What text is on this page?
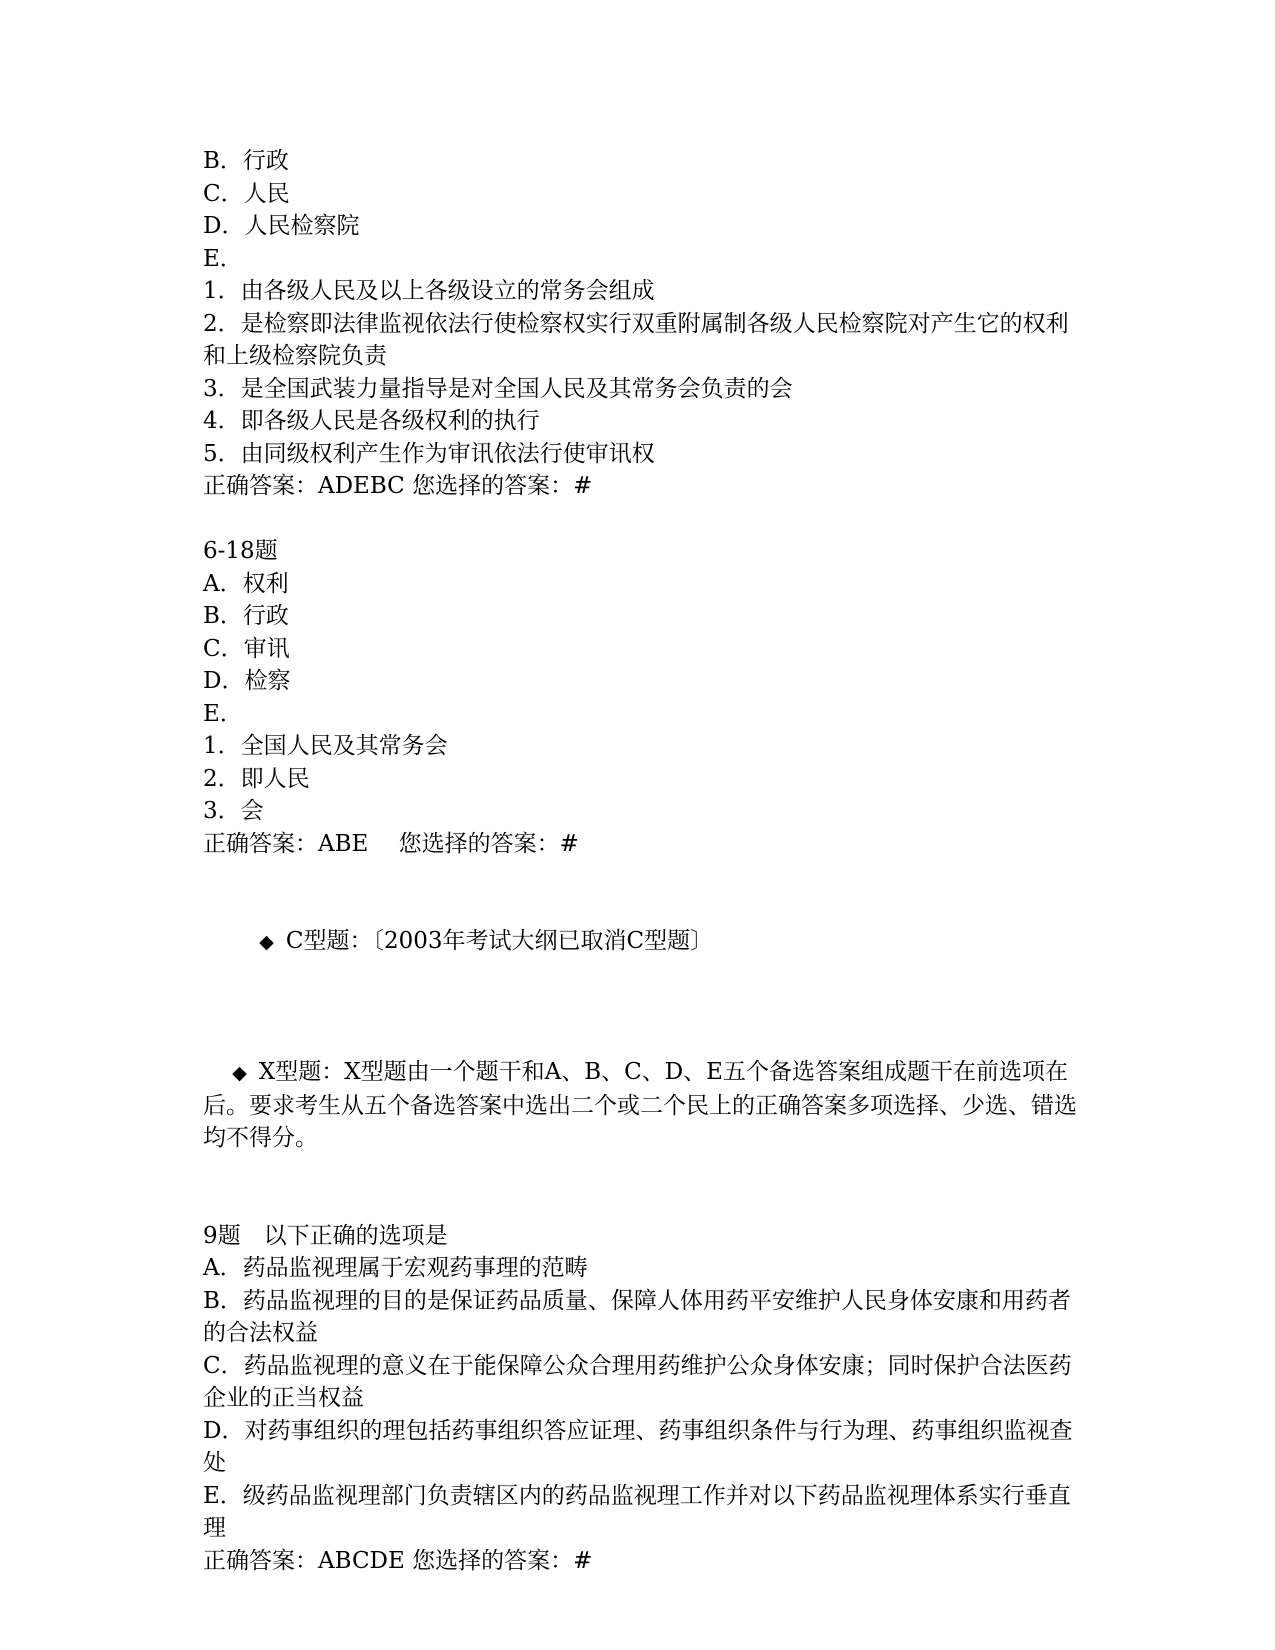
B．行政

C．人民

D．人民检察院

E．

1．由各级人民及以上各级设立的常务会组成

2．是检察即法律监视依法行使检察权实行双重附属制各级人民检察院对产生它的权利和上级检察院负责

3．是全国武装力量指导是对全国人民及其常务会负责的会

4．即各级人民是各级权利的执行

5．由同级权利产生作为审讯依法行使审讯权

正确答案：ADEBC 您选择的答案：#

6-18题

A．权利

B．行政

C．审讯

D．检察

E．

1．全国人民及其常务会

2．即人民

3．会

正确答案：ABE　 您选择的答案：#

◆ C型题：〔2003年考试大纲已取消C型题〕

◆ X型题：X型题由一个题干和A、B、C、D、E五个备选答案组成题干在前选项在后。要求考生从五个备选答案中选出二个或二个民上的正确答案多项选择、少选、错选均不得分。

9题　以下正确的选项是

A．药品监视理属于宏观药事理的范畴

B．药品监视理的目的是保证药品质量、保障人体用药平安维护人民身体安康和用药者的合法权益

C．药品监视理的意义在于能保障公众合理用药维护公众身体安康；同时保护合法医药企业的正当权益

D．对药事组织的理包括药事组织答应证理、药事组织条件与行为理、药事组织监视查处

E．级药品监视理部门负责辖区内的药品监视理工作并对以下药品监视理体系实行垂直理

正确答案：ABCDE 您选择的答案：#
